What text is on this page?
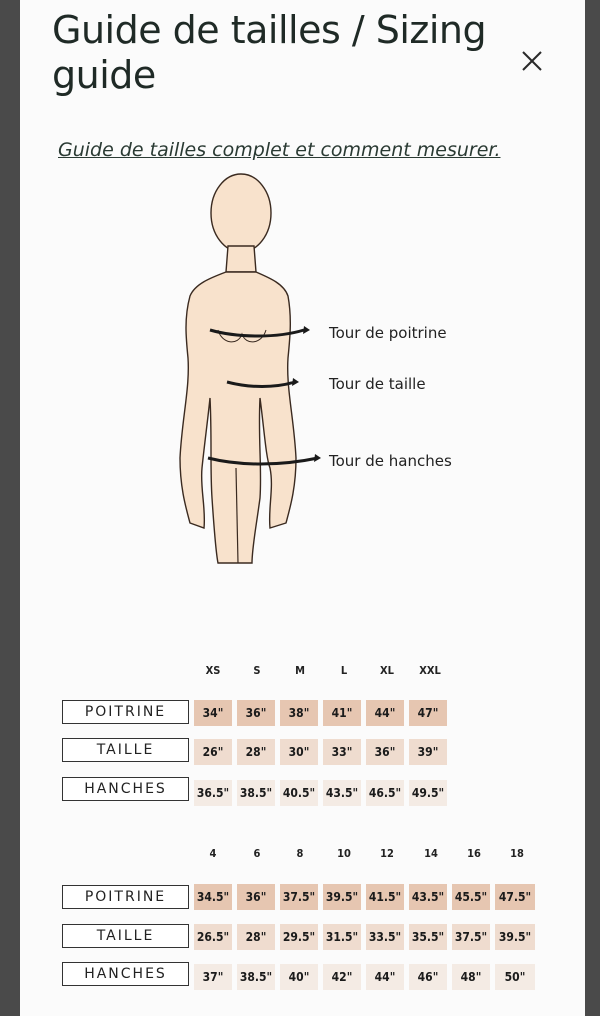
Guide de tailles / Sizing guide
Guide de tailles complet et comment mesurer.
Tour de poitrine
Tour de taille
Tour de hanches
XS	S	M	L	XL	XXL
POITRINE	34"	36"	38"	41"	44"	47"
TAILLE	26"	28"	30"	33"	36"	39"
HANCHES	36.5" 38.5" 40.5" 43.5" 46.5" 49.5"
4	6	8	10	12	14	16	18
POITRINE	34.5"	36"	37.5" 39.5" 41.5" 43.5" 45.5" 47.5"
TAILLE	26.5"	28"	29.5" 31.5" 33.5" 35.5" 37.5" 39.5"
HANCHES	37"	38.5"	40"	42"	44"	46"	48"	50"
